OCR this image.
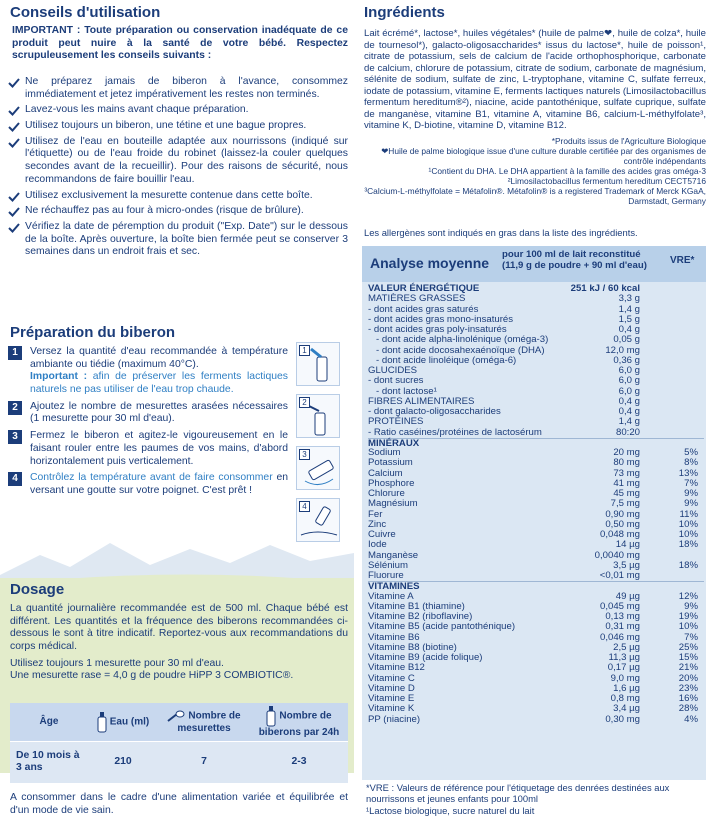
Conseils d'utilisation
IMPORTANT : Toute préparation ou conservation inadéquate de ce produit peut nuire à la santé de votre bébé. Respectez scrupuleusement les conseils suivants :
Ne préparez jamais de biberon à l'avance, consommez immédiatement et jetez impérativement les restes non terminés.
Lavez-vous les mains avant chaque préparation.
Utilisez toujours un biberon, une tétine et une bague propres.
Utilisez de l'eau en bouteille adaptée aux nourrissons (indiqué sur l'étiquette) ou de l'eau froide du robinet (laissez-la couler quelques secondes avant de la recueillir). Pour des raisons de sécurité, nous recommandons de faire bouillir l'eau.
Utilisez exclusivement la mesurette contenue dans cette boîte.
Ne réchauffez pas au four à micro-ondes (risque de brûlure).
Vérifiez la date de péremption du produit ("Exp. Date") sur le dessous de la boîte. Après ouverture, la boîte bien fermée peut se conserver 3 semaines dans un endroit frais et sec.
Préparation du biberon
1	Versez la quantité d'eau recommandée à température ambiante ou tiédie (maximum 40°C).
Important : afin de préserver les ferments lactiques naturels ne pas utiliser de l'eau trop chaude.
2	Ajoutez le nombre de mesurettes arasées nécessaires (1 mesurette pour 30 ml d'eau).
3	Fermez le biberon et agitez-le vigoureusement en le faisant rouler entre les paumes de vos mains, d'abord horizontalement puis verticalement.
4	Contrôlez la température avant de faire consommer en versant une goutte sur votre poignet. C'est prêt !
1
2
3
4
Dosage
La quantité journalière recommandée est de 500 ml. Chaque bébé est différent. Les quantités et la fréquence des biberons recommandées ci-dessous le sont à titre indicatif. Reportez-vous aux recommandations du corps médical.
Utilisez toujours 1 mesurette pour 30 ml d'eau.
Une mesurette rase = 4,0 g de poudre HiPP 3 COMBIOTIC®.
Âge	Eau (ml)	Nombre de mesurettes	Nombre de biberons par 24h
De 10 mois à 3 ans	210	7	2-3
A consommer dans le cadre d'une alimentation variée et équilibrée et d'un mode de vie sain.
Ingrédients
Lait écrémé*, lactose*, huiles végétales* (huile de palme❤, huile de colza*, huile de tournesol*), galacto-oligosaccharides* issus du lactose*, huile de poisson¹, citrate de potassium, sels de calcium de l'acide orthophosphorique, carbonate de calcium, chlorure de potassium, citrate de sodium, carbonate de magnésium, sélénite de sodium, sulfate de zinc, L-tryptophane, vitamine C, sulfate ferreux, iodate de potassium, vitamine E, ferments lactiques naturels (Limosilactobacillus fermentum hereditum®²), niacine, acide pantothénique, sulfate cuprique, sulfate de manganèse, vitamine B1, vitamine A, vitamine B6, calcium-L-méthylfolate³, vitamine K, D-biotine, vitamine D, vitamine B12.
*Produits issus de l'Agriculture Biologique
❤Huile de palme biologique issue d'une culture durable certifiée par des organismes de contrôle indépendants
¹Contient du DHA. Le DHA appartient à la famille des acides gras oméga-3
²Limosilactobacillus fermentum hereditum CECT5716
³Calcium-L-méthylfolate = Métafolin®. Métafolin® is a registered Trademark of Merck KGaA, Darmstadt, Germany
Les allergènes sont indiqués en gras dans la liste des ingrédients.
Analyse moyenne
pour 100 ml de lait reconstitué (11,9 g de poudre + 90 ml d'eau)	VRE*
VALEUR ÉNERGÉTIQUE	251 kJ / 60 kcal
MATIÈRES GRASSES	3,3 g
- dont acides gras saturés	1,4 g
- dont acides gras mono-insaturés	1,5 g
- dont acides gras poly-insaturés	0,4 g
- dont acide alpha-linolénique (oméga-3)	0,05 g
- dont acide docosahexaénoïque (DHA)	12,0 mg
- dont acide linoléique (oméga-6)	0,36 g
GLUCIDES	6,0 g
- dont sucres	6,0 g
- dont lactose¹	6,0 g
FIBRES ALIMENTAIRES	0,4 g
- dont galacto-oligosaccharides	0,4 g
PROTÉINES	1,4 g
- Ratio caséines/protéines de lactosérum	80:20
MINÉRAUX
Sodium	20 mg	5%
Potassium	80 mg	8%
Calcium	73 mg	13%
Phosphore	41 mg	7%
Chlorure	45 mg	9%
Magnésium	7,5 mg	9%
Fer	0,90 mg	11%
Zinc	0,50 mg	10%
Cuivre	0,048 mg	10%
Iode	14 µg	18%
Manganèse	0,0040 mg
Sélénium	3,5 µg	18%
Fluorure	<0,01 mg
VITAMINES
Vitamine A	49 µg	12%
Vitamine B1 (thiamine)	0,045 mg	9%
Vitamine B2 (riboflavine)	0,13 mg	19%
Vitamine B5 (acide pantothénique)	0,31 mg	10%
Vitamine B6	0,046 mg	7%
Vitamine B8 (biotine)	2,5 µg	25%
Vitamine B9 (acide folique)	11,3 µg	15%
Vitamine B12	0,17 µg	21%
Vitamine C	9,0 mg	20%
Vitamine D	1,6 µg	23%
Vitamine E	0,8 mg	16%
Vitamine K	3,4 µg	28%
PP (niacine)	0,30 mg	4%
*VRE : Valeurs de référence pour l'étiquetage des denrées destinées aux nourrissons et jeunes enfants pour 100ml
¹Lactose biologique, sucre naturel du lait
